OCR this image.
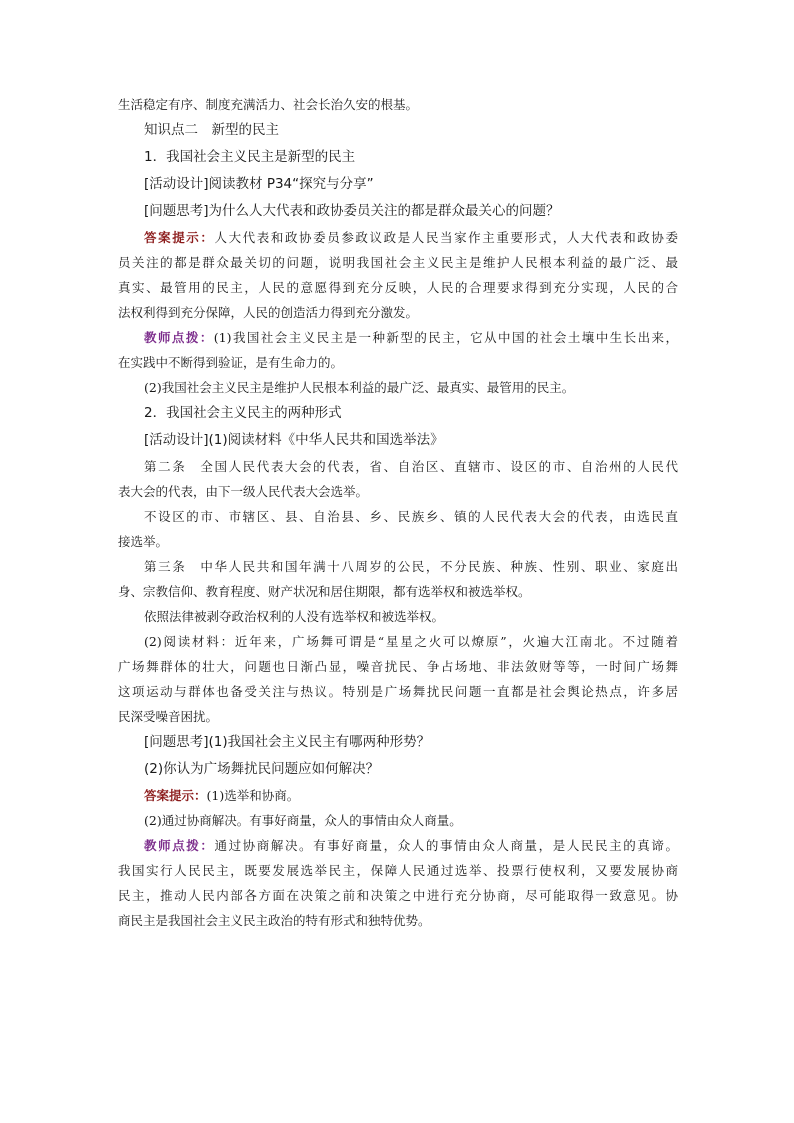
生活稳定有序、制度充满活力、社会长治久安的根基。
知识点二　新型的民主
1．我国社会主义民主是新型的民主
[活动设计]阅读教材 P34“探究与分享”
[问题思考]为什么人大代表和政协委员关注的都是群众最关心的问题？
答案提示：人大代表和政协委员参政议政是人民当家作主重要形式，人大代表和政协委
员关注的都是群众最关切的问题，说明我国社会主义民主是维护人民根本利益的最广泛、最
真实、最管用的民主，人民的意愿得到充分反映，人民的合理要求得到充分实现，人民的合
法权利得到充分保障，人民的创造活力得到充分激发。
教师点拨：(1)我国社会主义民主是一种新型的民主，它从中国的社会土壤中生长出来，
在实践中不断得到验证，是有生命力的。
(2)我国社会主义民主是维护人民根本利益的最广泛、最真实、最管用的民主。
2．我国社会主义民主的两种形式
[活动设计](1)阅读材料《中华人民共和国选举法》
第二条　全国人民代表大会的代表，省、自治区、直辖市、设区的市、自治州的人民代
表大会的代表，由下一级人民代表大会选举。
不设区的市、市辖区、县、自治县、乡、民族乡、镇的人民代表大会的代表，由选民直
接选举。
第三条　中华人民共和国年满十八周岁的公民，不分民族、种族、性别、职业、家庭出
身、宗教信仰、教育程度、财产状况和居住期限，都有选举权和被选举权。
依照法律被剥夺政治权利的人没有选举权和被选举权。
(2)阅读材料：近年来，广场舞可谓是“星星之火可以燎原”，火遍大江南北。不过随着
广场舞群体的壮大，问题也日渐凸显，噪音扰民、争占场地、非法敛财等等，一时间广场舞
这项运动与群体也备受关注与热议。特别是广场舞扰民问题一直都是社会舆论热点，许多居
民深受噪音困扰。
[问题思考](1)我国社会主义民主有哪两种形势？
(2)你认为广场舞扰民问题应如何解决？
答案提示：(1)选举和协商。
(2)通过协商解决。有事好商量，众人的事情由众人商量。
教师点拨：通过协商解决。有事好商量，众人的事情由众人商量，是人民民主的真谛。
我国实行人民民主，既要发展选举民主，保障人民通过选举、投票行使权利，又要发展协商
民主，推动人民内部各方面在决策之前和决策之中进行充分协商，尽可能取得一致意见。协
商民主是我国社会主义民主政治的特有形式和独特优势。
